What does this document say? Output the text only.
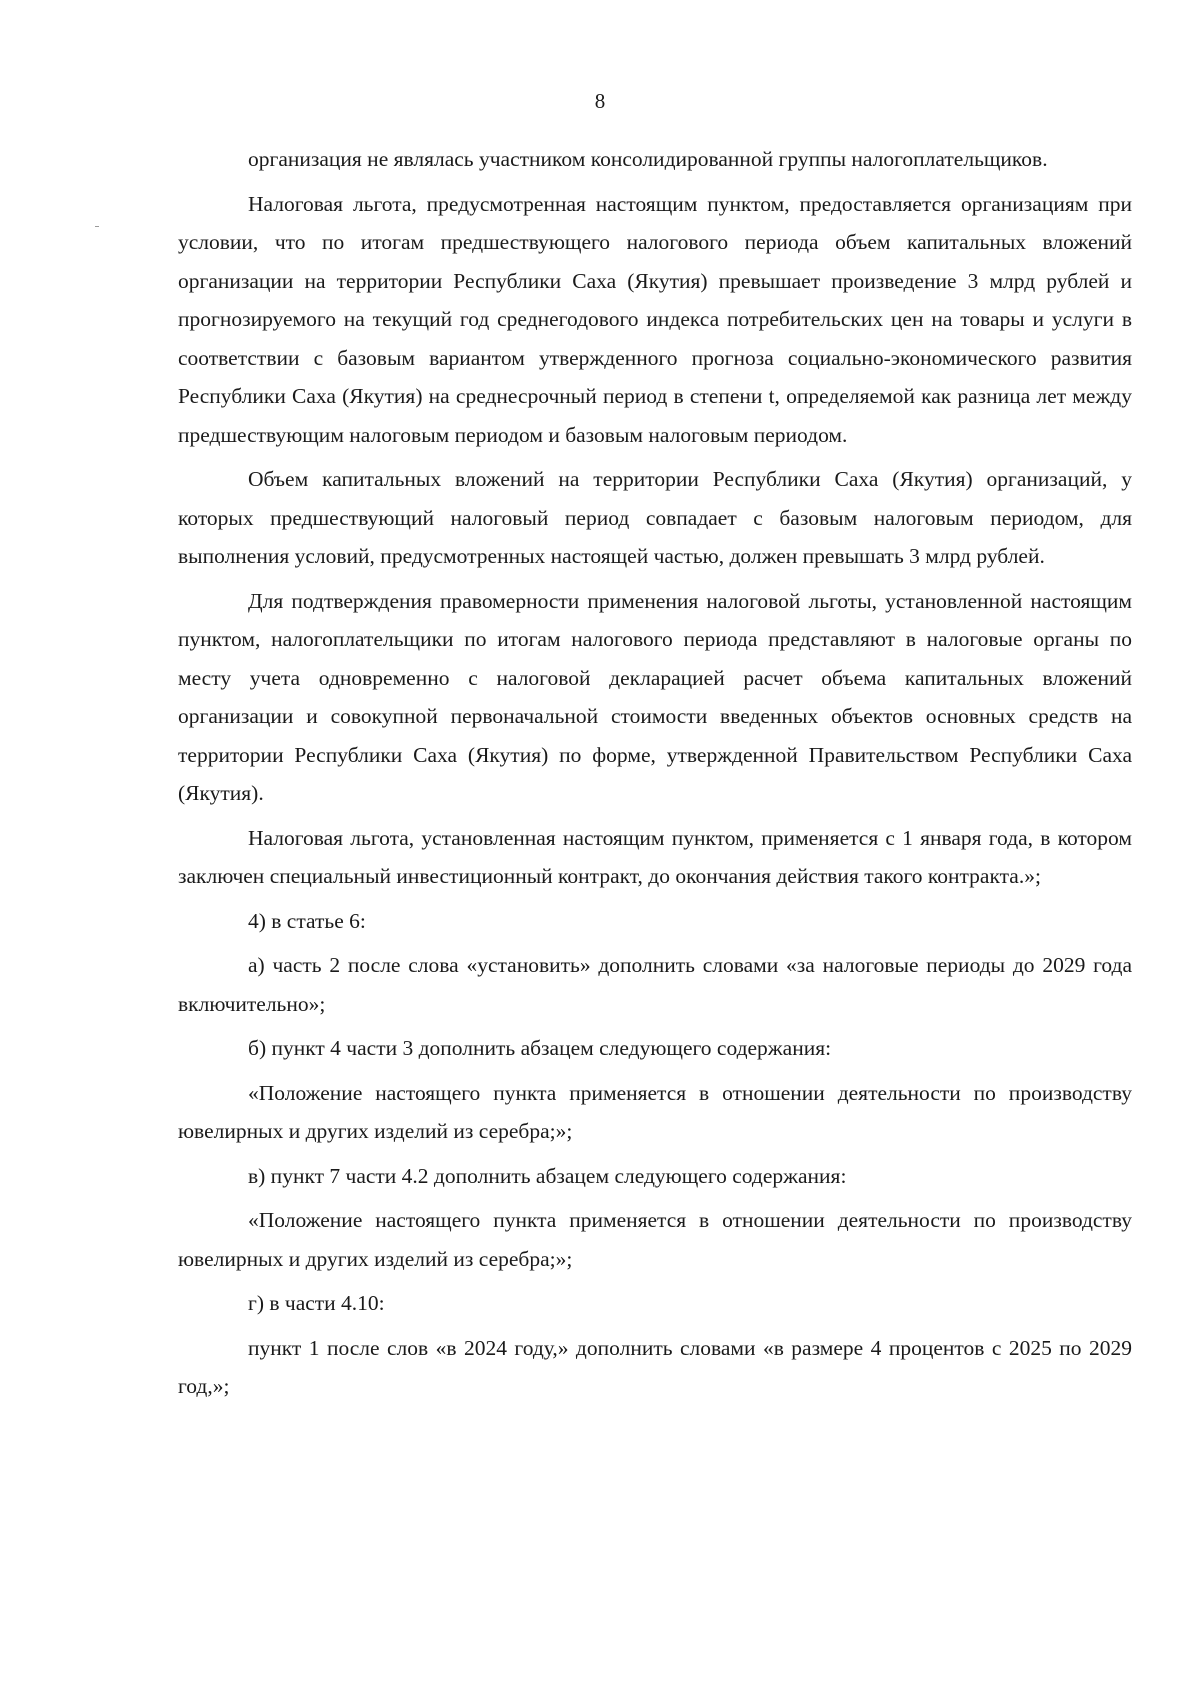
8

организация не являлась участником консолидированной группы налогоплательщиков.

Налоговая льгота, предусмотренная настоящим пунктом, предоставляется организациям при условии, что по итогам предшествующего налогового периода объем капитальных вложений организации на территории Республики Саха (Якутия) превышает произведение 3 млрд рублей и прогнозируемого на текущий год среднегодового индекса потребительских цен на товары и услуги в соответствии с базовым вариантом утвержденного прогноза социально-экономического развития Республики Саха (Якутия) на среднесрочный период в степени t, определяемой как разница лет между предшествующим налоговым периодом и базовым налоговым периодом.

Объем капитальных вложений на территории Республики Саха (Якутия) организаций, у которых предшествующий налоговый период совпадает с базовым налоговым периодом, для выполнения условий, предусмотренных настоящей частью, должен превышать 3 млрд рублей.

Для подтверждения правомерности применения налоговой льготы, установленной настоящим пунктом, налогоплательщики по итогам налогового периода представляют в налоговые органы по месту учета одновременно с налоговой декларацией расчет объема капитальных вложений организации и совокупной первоначальной стоимости введенных объектов основных средств на территории Республики Саха (Якутия) по форме, утвержденной Правительством Республики Саха (Якутия).

Налоговая льгота, установленная настоящим пунктом, применяется с 1 января года, в котором заключен специальный инвестиционный контракт, до окончания действия такого контракта.»;

4) в статье 6:

а) часть 2 после слова «установить» дополнить словами «за налоговые периоды до 2029 года включительно»;

б) пункт 4 части 3 дополнить абзацем следующего содержания:

«Положение настоящего пункта применяется в отношении деятельности по производству ювелирных и других изделий из серебра;»;

в) пункт 7 части 4.2 дополнить абзацем следующего содержания:

«Положение настоящего пункта применяется в отношении деятельности по производству ювелирных и других изделий из серебра;»;

г) в части 4.10:

пункт 1 после слов «в 2024 году,» дополнить словами «в размере 4 процентов с 2025 по 2029 год,»;
